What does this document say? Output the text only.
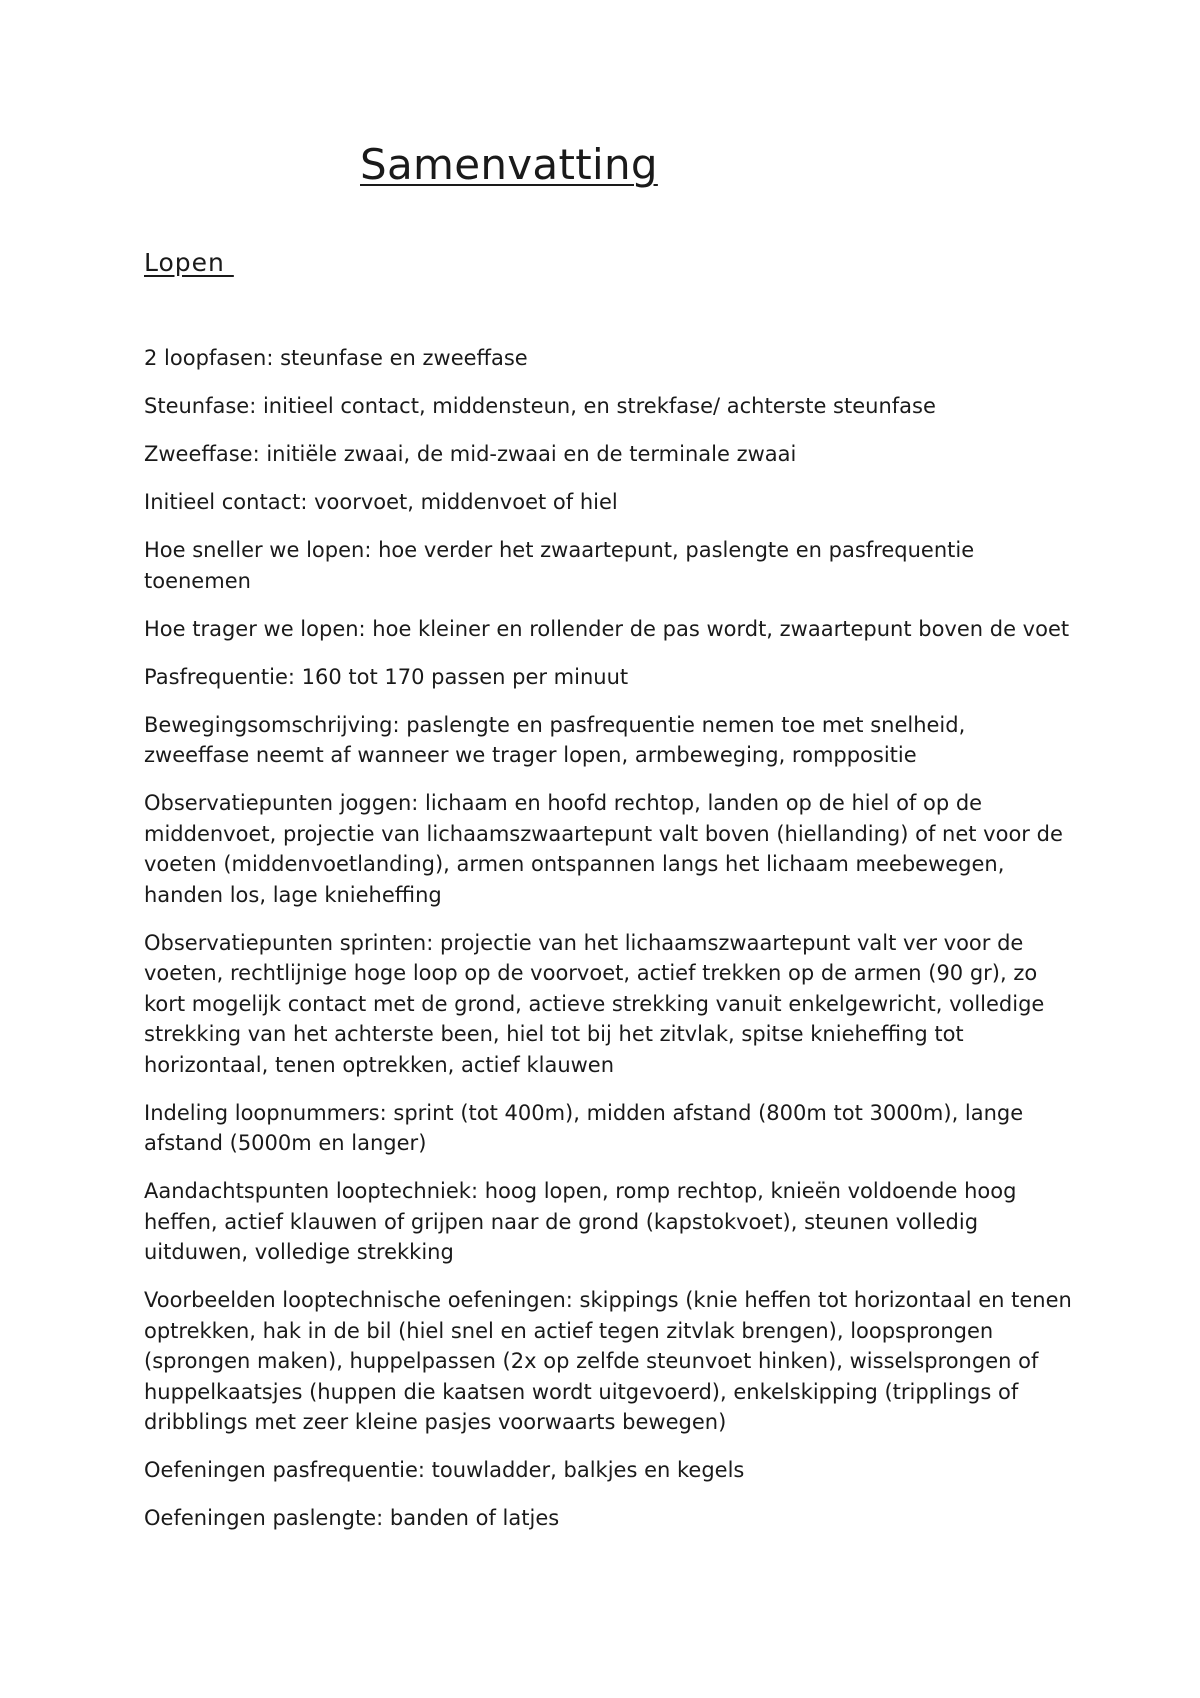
Samenvatting
Lopen

2 loopfasen: steunfase en zweeffase

Steunfase: initieel contact, middensteun, en strekfase/ achterste steunfase

Zweeffase: initiële zwaai, de mid-zwaai en de terminale zwaai

Initieel contact: voorvoet, middenvoet of hiel

Hoe sneller we lopen: hoe verder het zwaartepunt, paslengte en pasfrequentie toenemen

Hoe trager we lopen: hoe kleiner en rollender de pas wordt, zwaartepunt boven de voet

Pasfrequentie: 160 tot 170 passen per minuut

Bewegingsomschrijving: paslengte en pasfrequentie nemen toe met snelheid, zweeffase neemt af wanneer we trager lopen, armbeweging, romppositie

Observatiepunten joggen: lichaam en hoofd rechtop, landen op de hiel of op de middenvoet, projectie van lichaamszwaartepunt valt boven (hiellanding) of net voor de voeten (middenvoetlanding), armen ontspannen langs het lichaam meebewegen, handen los, lage knieheffing

Observatiepunten sprinten: projectie van het lichaamszwaartepunt valt ver voor de voeten, rechtlijnige hoge loop op de voorvoet, actief trekken op de armen (90 gr), zo kort mogelijk contact met de grond, actieve strekking vanuit enkelgewricht, volledige strekking van het achterste been, hiel tot bij het zitvlak, spitse knieheffing tot horizontaal, tenen optrekken, actief klauwen

Indeling loopnummers: sprint (tot 400m), midden afstand (800m tot 3000m), lange afstand (5000m en langer)

Aandachtspunten looptechniek: hoog lopen, romp rechtop, knieën voldoende hoog heffen, actief klauwen of grijpen naar de grond (kapstokvoet), steunen volledig uitduwen, volledige strekking

Voorbeelden looptechnische oefeningen: skippings (knie heffen tot horizontaal en tenen optrekken, hak in de bil (hiel snel en actief tegen zitvlak brengen), loopsprongen (sprongen maken), huppelpassen (2x op zelfde steunvoet hinken), wisselsprongen of huppelkaatsjes (huppen die kaatsen wordt uitgevoerd), enkelskipping (tripplings of dribblings met zeer kleine pasjes voorwaarts bewegen)

Oefeningen pasfrequentie: touwladder, balkjes en kegels

Oefeningen paslengte: banden of latjes
